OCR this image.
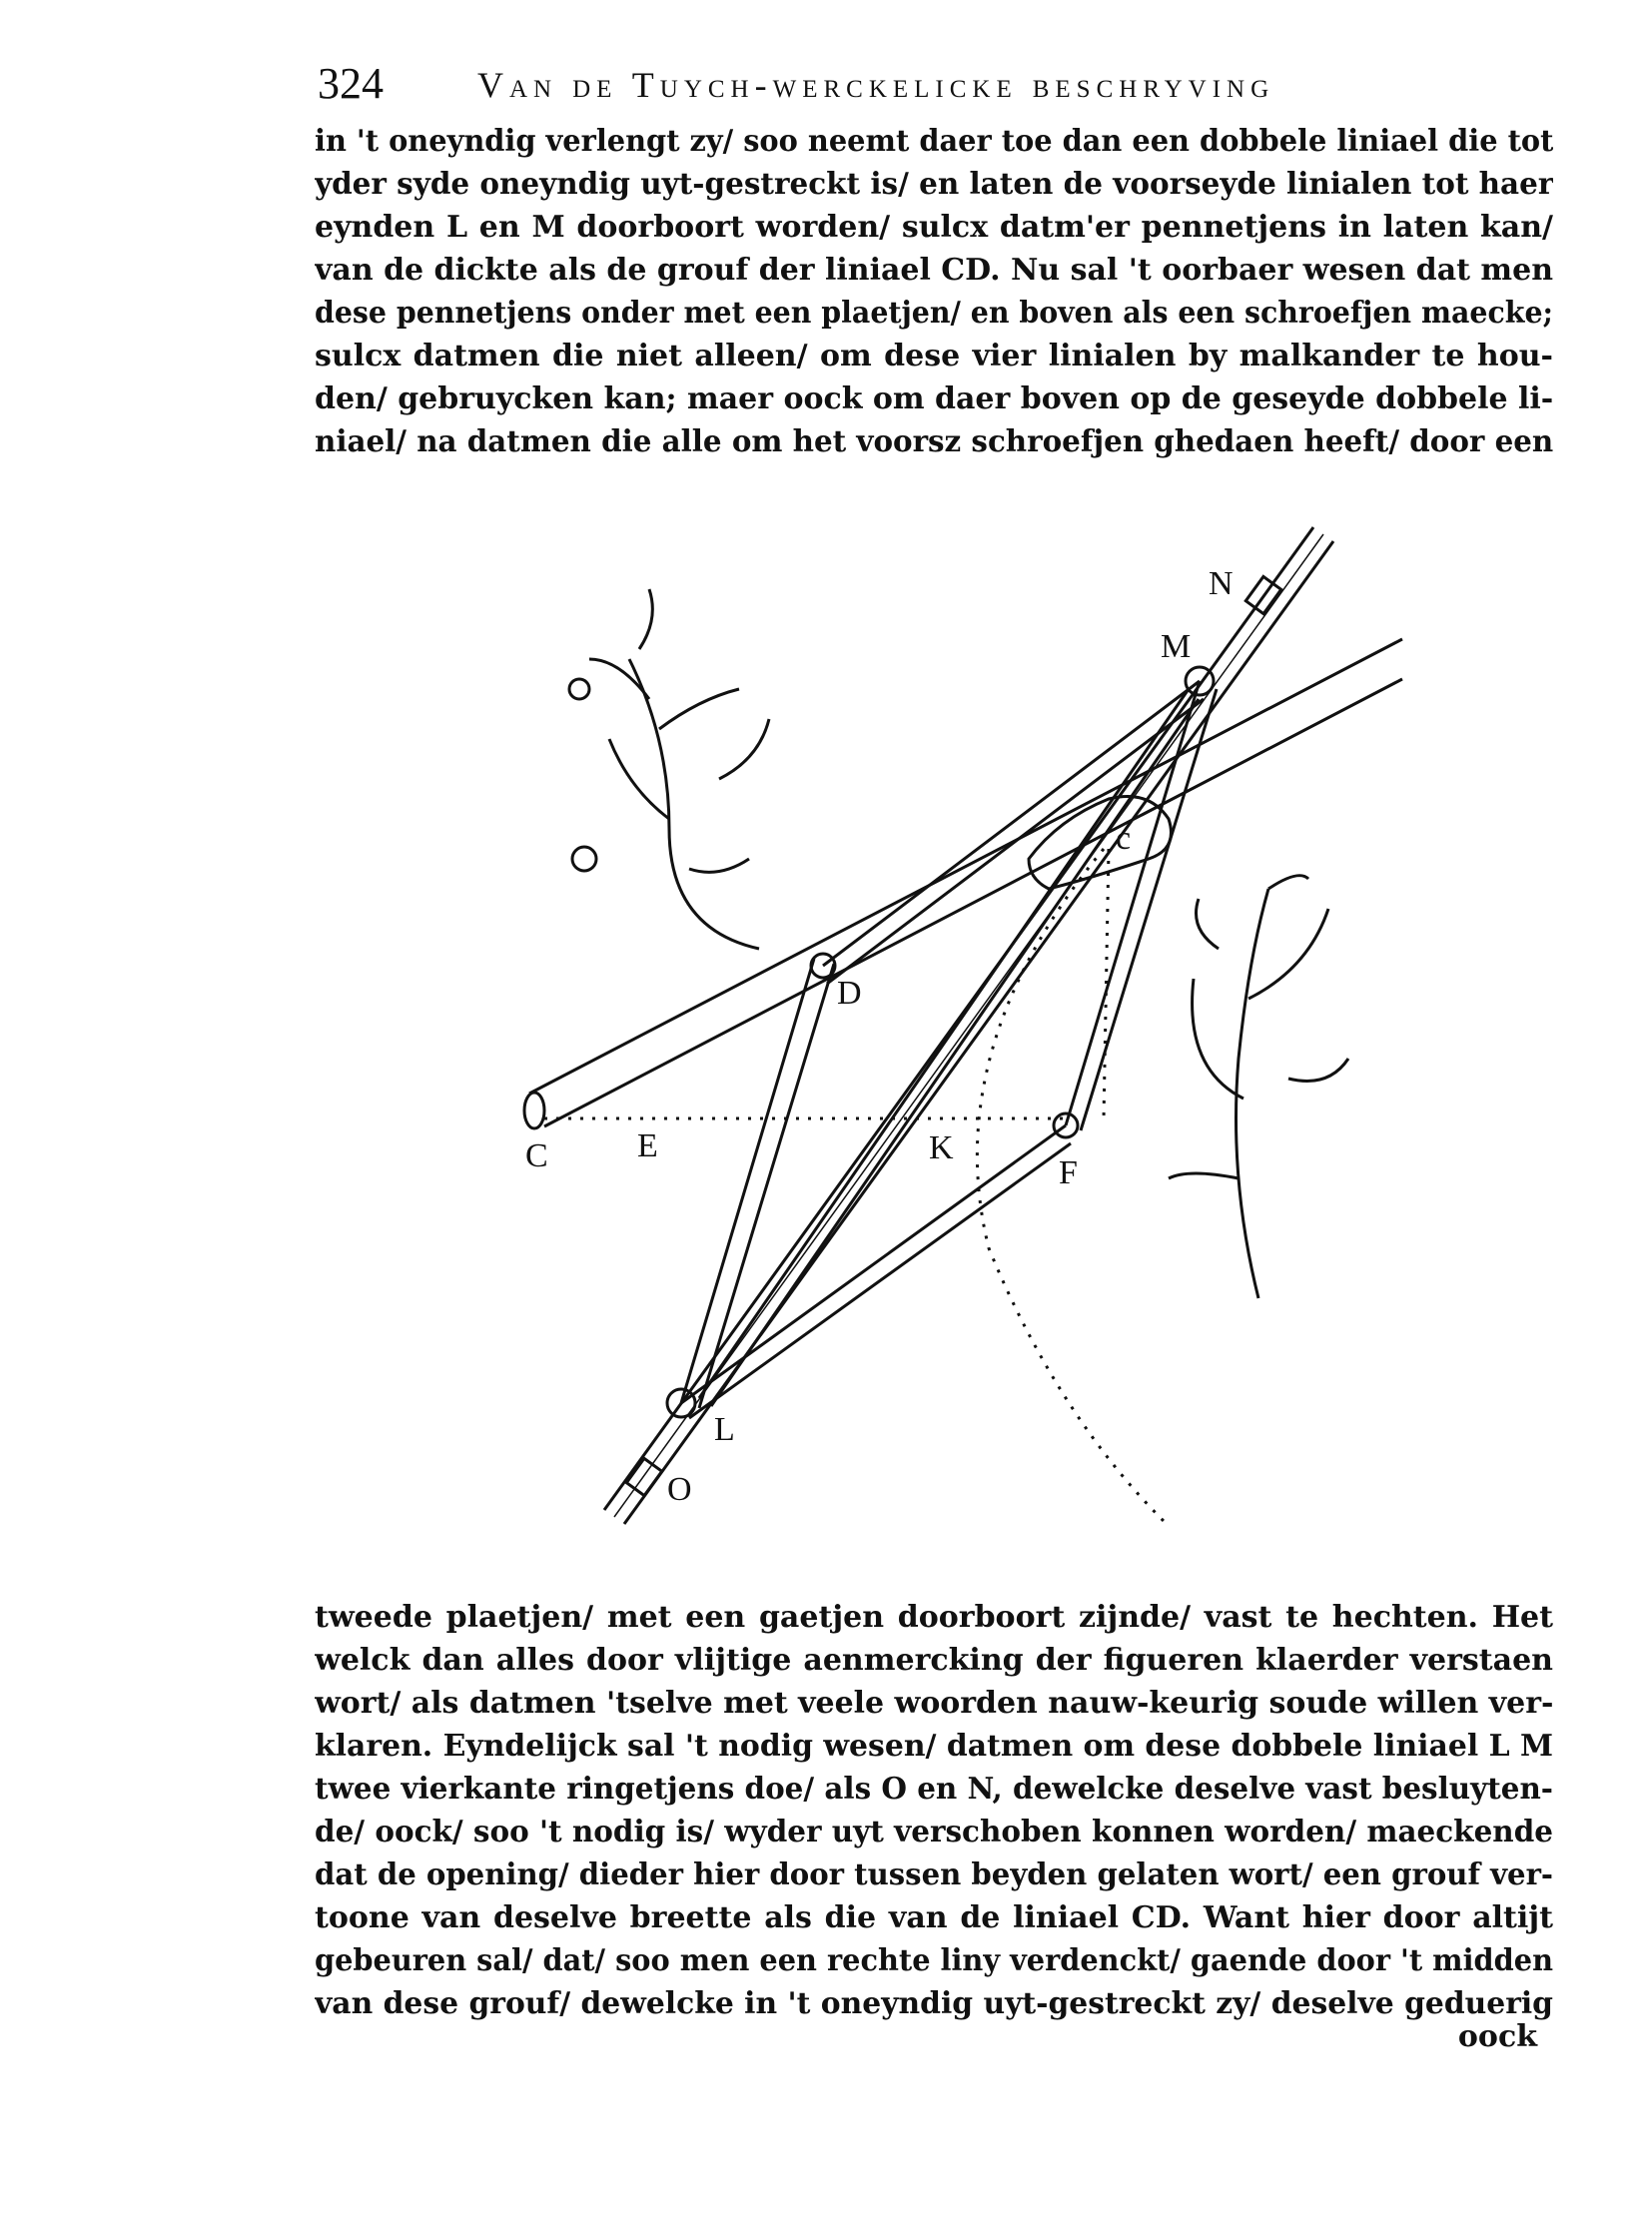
324	Van de Tuych-werckelicke beschryving
in 't oneyndig verlengt zy/ soo neemt daer toe dan een dobbele liniael die tot
yder syde oneyndig uyt-gestreckt is/ en laten de voorseyde linialen tot haer
eynden L en M doorboort worden/ sulcx datm'er pennetjens in laten kan/
van de dickte als de grouf der liniael CD. Nu sal 't oorbaer wesen dat men
dese pennetjens onder met een plaetjen/ en boven als een schroefjen maecke;
sulcx datmen die niet alleen/ om dese vier linialen by malkander te hou-
den/ gebruycken kan; maer oock om daer boven op de geseyde dobbele li-
niael/ na datmen die alle om het voorsz schroefjen ghedaen heeft/ door een
N
M
c
D
C	E	K
F
L
O
tweede plaetjen/ met een gaetjen doorboort zijnde/ vast te hechten. Het
welck dan alles door vlijtige aenmercking der figueren klaerder verstaen
wort/ als datmen 'tselve met veele woorden nauw-keurig soude willen ver-
klaren. Eyndelijck sal 't nodig wesen/ datmen om dese dobbele liniael L M
twee vierkante ringetjens doe/ als O en N, dewelcke deselve vast besluyten-
de/ oock/ soo 't nodig is/ wyder uyt verschoben konnen worden/ maeckende
dat de opening/ dieder hier door tussen beyden gelaten wort/ een grouf ver-
toone van deselve breette als die van de liniael CD. Want hier door altijt
gebeuren sal/ dat/ soo men een rechte liny verdenckt/ gaende door 't midden
van dese grouf/ dewelcke in 't oneyndig uyt-gestreckt zy/ deselve geduerig
oock
